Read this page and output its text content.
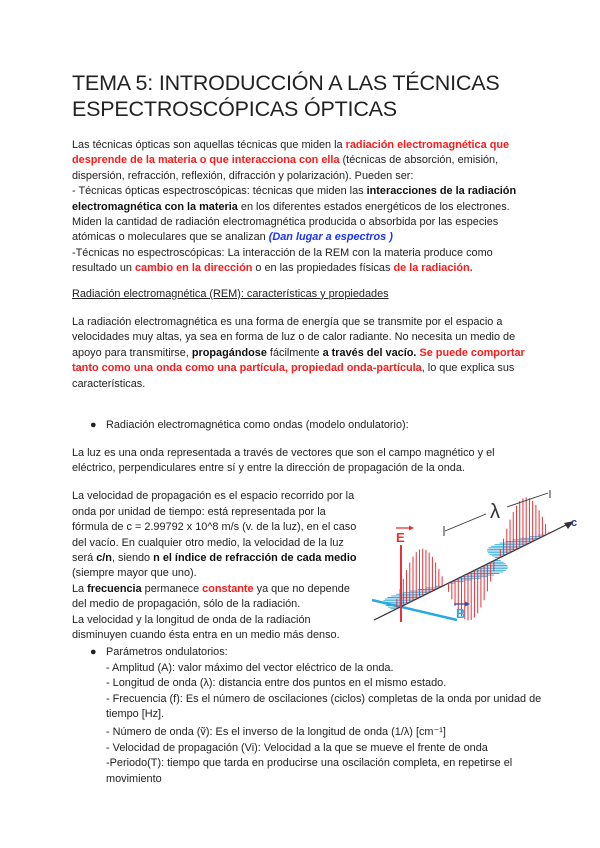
TEMA 5: INTRODUCCIÓN A LAS TÉCNICAS
ESPECTROSCÓPICAS ÓPTICAS
Las técnicas ópticas son aquellas técnicas que miden la radiación electromagnética que desprende de la materia o que interacciona con ella (técnicas de absorción, emisión, dispersión, refracción, reflexión, difracción y polarización). Pueden ser:
- Técnicas ópticas espectroscópicas: técnicas que miden las interacciones de la radiación electromagnética con la materia en los diferentes estados energéticos de los electrones. Miden la cantidad de radiación electromagnética producida o absorbida por las especies atómicas o moleculares que se analizan (Dan lugar a espectros )
-Técnicas no espectroscópicas: La interacción de la REM con la materia produce como resultado un cambio en la dirección o en las propiedades físicas de la radiación.
Radiación electromagnética (REM): características y propiedades
La radiación electromagnética es una forma de energía que se transmite por el espacio a velocidades muy altas, ya sea en forma de luz o de calor radiante. No necesita un medio de apoyo para transmitirse, propagándose fácilmente a través del vacío. Se puede comportar tanto como una onda como una partícula, propiedad onda-partícula, lo que explica sus características.
● Radiación electromagnética como ondas (modelo ondulatorio):
La luz es una onda representada a través de vectores que son el campo magnético y el eléctrico, perpendiculares entre sí y entre la dirección de propagación de la onda.
La velocidad de propagación es el espacio recorrido por la onda por unidad de tiempo: está representada por la fórmula de c = 2.99792 x 10^8 m/s (v. de la luz), en el caso del vacío. En cualquier otro medio, la velocidad de la luz será c/n, siendo n el índice de refracción de cada medio (siempre mayor que uno).
La frecuencia permanece constante ya que no depende del medio de propagación, sólo de la radiación.
La velocidad y la longitud de onda de la radiación disminuyen cuando ésta entra en un medio más denso.
E
B
c
λ
● Parámetros ondulatorios:
- Amplitud (A): valor máximo del vector eléctrico de la onda.
- Longitud de onda (λ): distancia entre dos puntos en el mismo estado.
- Frecuencia (f): Es el número de oscilaciones (ciclos) completas de la onda por unidad de tiempo [Hz].
- Número de onda (ṽ): Es el inverso de la longitud de onda (1/λ) [cm⁻¹]
- Velocidad de propagación (Vi): Velocidad a la que se mueve el frente de onda
-Periodo(T): tiempo que tarda en producirse una oscilación completa, en repetirse el movimiento
